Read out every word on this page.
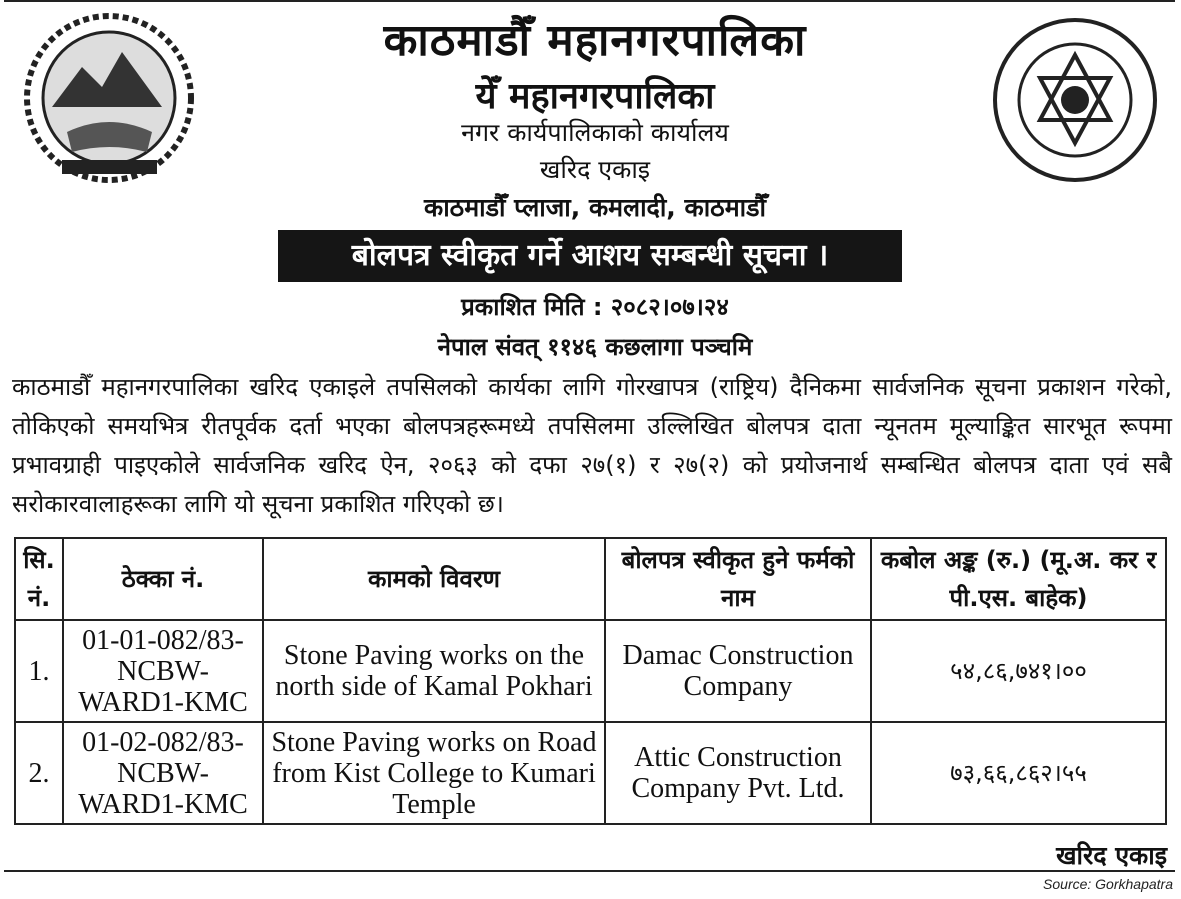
काठमाडौँ महानगरपालिका
येँ महानगरपालिका
नगर कार्यपालिकाको कार्यालय
खरिद एकाइ
काठमाडौँ प्लाजा, कमलादी, काठमाडौँ
बोलपत्र स्वीकृत गर्ने आशय सम्बन्धी सूचना ।
प्रकाशित मिति : २०८२।०७।२४
नेपाल संवत् ११४६ कछलागा पञ्चमि
काठमाडौँ महानगरपालिका खरिद एकाइले तपसिलको कार्यका लागि गोरखापत्र (राष्ट्रिय) दैनिकमा सार्वजनिक सूचना प्रकाशन गरेको, तोकिएको समयभित्र रीतपूर्वक दर्ता भएका बोलपत्रहरूमध्ये तपसिलमा उल्लिखित बोलपत्र दाता न्यूनतम मूल्याङ्कित सारभूत रूपमा प्रभावग्राही पाइएकोले सार्वजनिक खरिद ऐन, २०६३ को दफा २७(१) र २७(२) को प्रयोजनार्थ सम्बन्धित बोलपत्र दाता एवं सबै सरोकारवालाहरूका लागि यो सूचना प्रकाशित गरिएको छ।
सि. नं.	ठेक्का नं.	कामको विवरण	बोलपत्र स्वीकृत हुने फर्मको नाम	कबोल अङ्क (रु.) (मू.अ. कर र पी.एस. बाहेक)
1.	01-01-082/83-NCBW-WARD1-KMC	Stone Paving works on the north side of Kamal Pokhari	Damac Construction Company	५४,८६,७४१।००
2.	01-02-082/83-NCBW-WARD1-KMC	Stone Paving works on Road from Kist College to Kumari Temple	Attic Construction Company Pvt. Ltd.	७३,६६,८६२।५५
खरिद एकाइ
Source: Gorkhapatra
